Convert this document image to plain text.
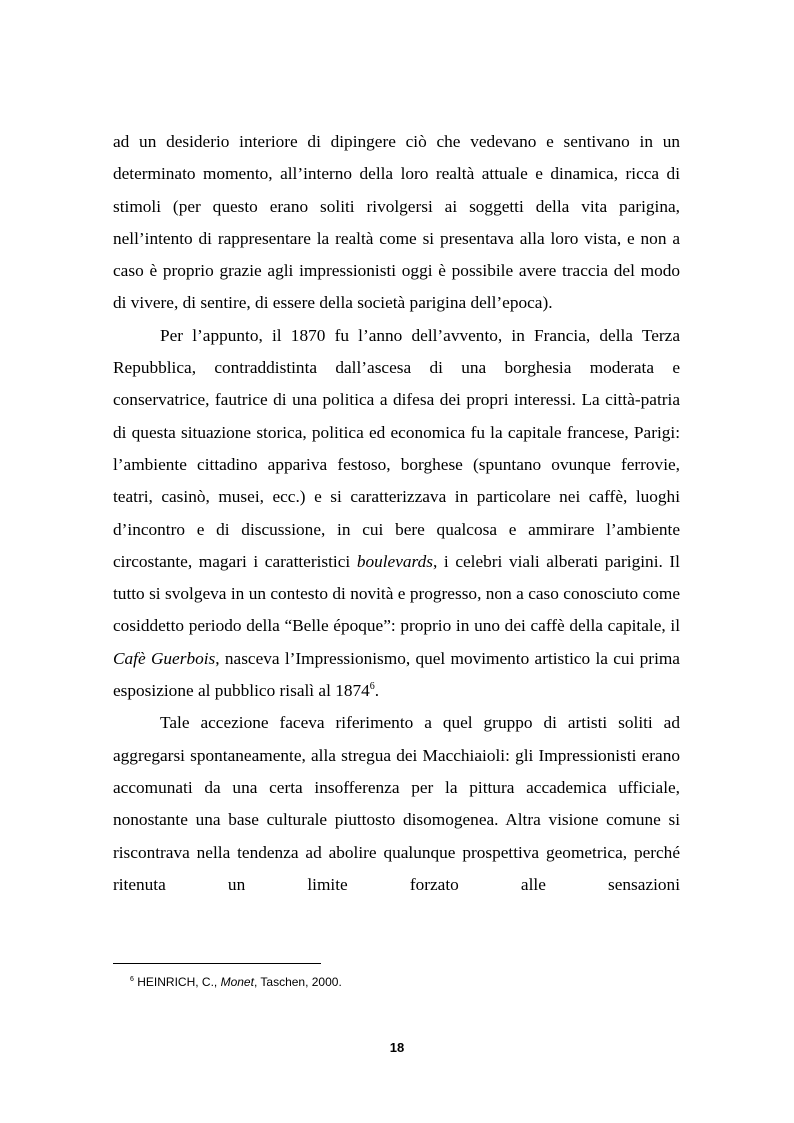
ad un desiderio interiore di dipingere ciò che vedevano e sentivano in un determinato momento, all’interno della loro realtà attuale e dinamica, ricca di stimoli (per questo erano soliti rivolgersi ai soggetti della vita parigina, nell’intento di rappresentare la realtà come si presentava alla loro vista, e non a caso è proprio grazie agli impressionisti oggi è possibile avere traccia del modo di vivere, di sentire, di essere della società parigina dell’epoca).

Per l’appunto, il 1870 fu l’anno dell’avvento, in Francia, della Terza Repubblica, contraddistinta dall’ascesa di una borghesia moderata e conservatrice, fautrice di una politica a difesa dei propri interessi. La città-patria di questa situazione storica, politica ed economica fu la capitale francese, Parigi: l’ambiente cittadino appariva festoso, borghese (spuntano ovunque ferrovie, teatri, casinò, musei, ecc.) e si caratterizzava in particolare nei caffè, luoghi d’incontro e di discussione, in cui bere qualcosa e ammirare l’ambiente circostante, magari i caratteristici boulevards, i celebri viali alberati parigini. Il tutto si svolgeva in un contesto di novità e progresso, non a caso conosciuto come cosiddetto periodo della “Belle époque”: proprio in uno dei caffè della capitale, il Cafè Guerbois, nasceva l’Impressionismo, quel movimento artistico la cui prima esposizione al pubblico risalì al 1874$^6$.

Tale accezione faceva riferimento a quel gruppo di artisti soliti ad aggregarsi spontaneamente, alla stregua dei Macchiaioli: gli Impressionisti erano accomunati da una certa insofferenza per la pittura accademica ufficiale, nonostante una base culturale piuttosto disomogenea. Altra visione comune si riscontrava nella tendenza ad abolire qualunque prospettiva geometrica, perché ritenuta un limite forzato alle sensazioni

$^6$ HEINRICH, C., Monet, Taschen, 2000.
18
